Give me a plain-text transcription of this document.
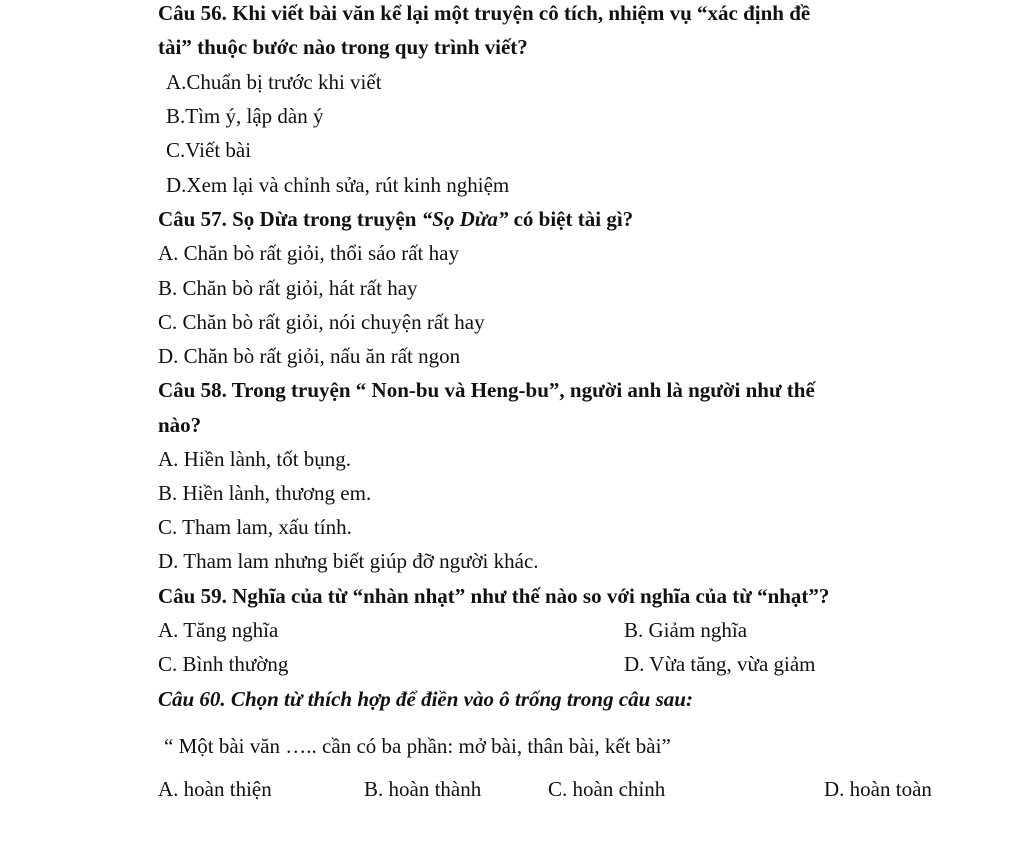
Câu 56. Khi viết bài văn kể lại một truyện cô tích, nhiệm vụ “xác định đề
tài” thuộc bước nào trong quy trình viết?
A.Chuẩn bị trước khi viết
B.Tìm ý, lập dàn ý
C.Viết bài
D.Xem lại và chỉnh sửa, rút kinh nghiệm
Câu 57. Sọ Dừa trong truyện “Sọ Dừa” có biệt tài gì?
A. Chăn bò rất giỏi, thổi sáo rất hay
B. Chăn bò rất giỏi, hát rất hay
C. Chăn bò rất giỏi, nói chuyện rất hay
D. Chăn bò rất giỏi, nấu ăn rất ngon
Câu 58. Trong truyện “ Non-bu và Heng-bu”, người anh là người như thế
nào?
A. Hiền lành, tốt bụng.
B. Hiền lành, thương em.
C. Tham lam, xấu tính.
D. Tham lam nhưng biết giúp đỡ người khác.
Câu 59. Nghĩa của từ “nhàn nhạt” như thế nào so với nghĩa của từ “nhạt”?
A. Tăng nghĩa	B. Giảm nghĩa
C. Bình thường	D. Vừa tăng, vừa giảm
Câu 60. Chọn từ thích hợp để điền vào ô trống trong câu sau:
“ Một bài văn ….. cần có ba phần: mở bài, thân bài, kết bài”
A. hoàn thiện	B. hoàn thành	C. hoàn chỉnh	D. hoàn toàn
